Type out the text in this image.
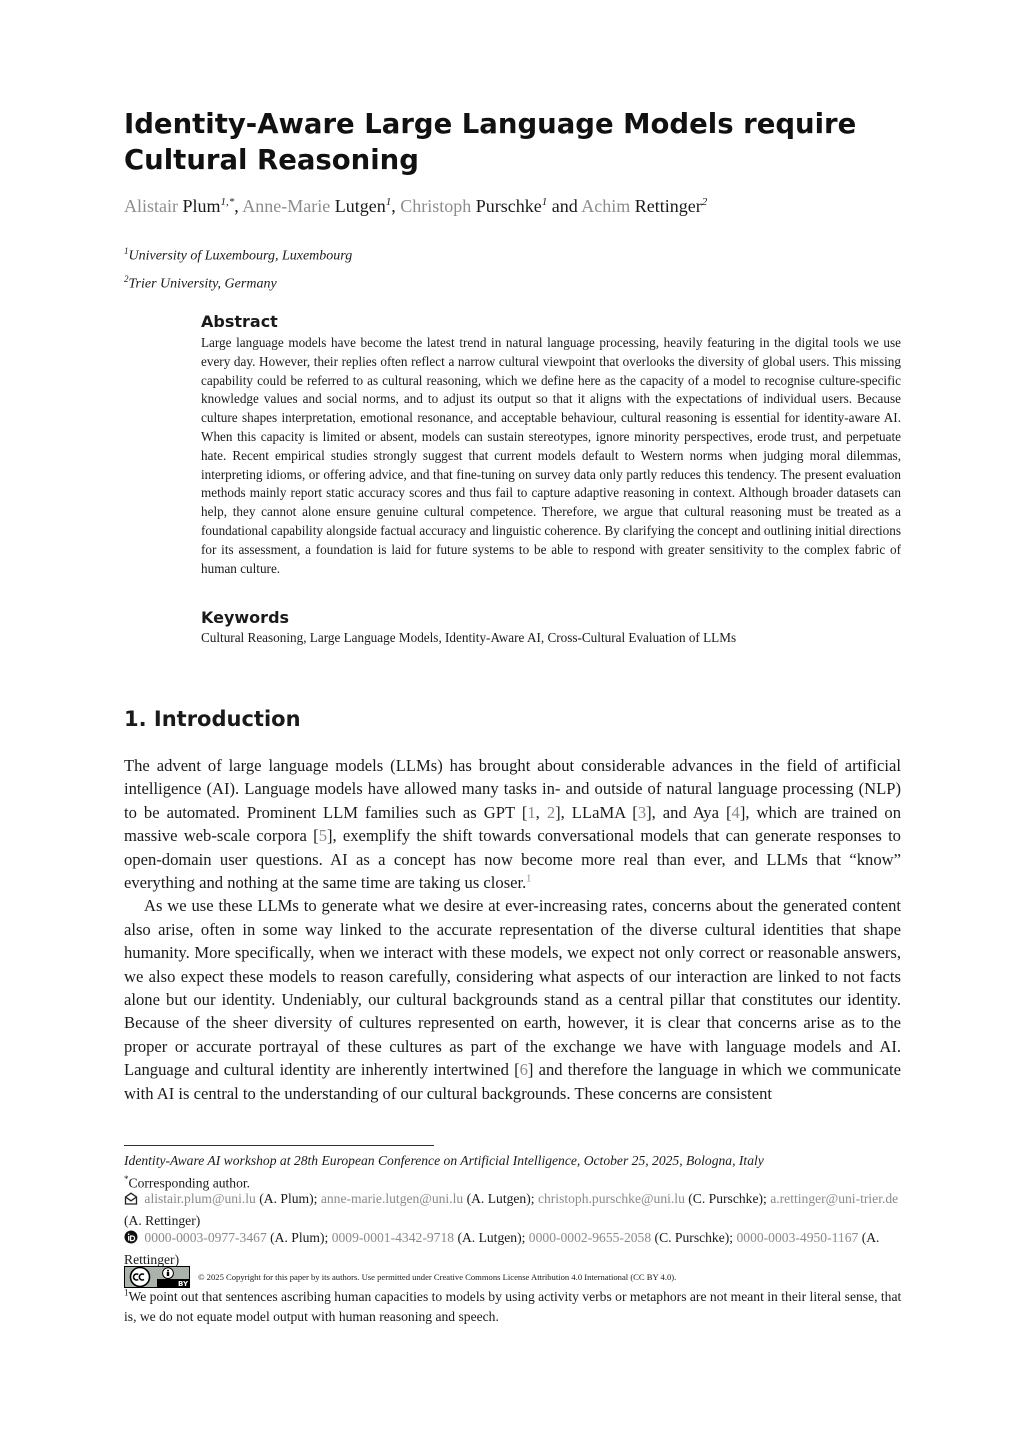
Identity-Aware Large Language Models require Cultural Reasoning
Alistair Plum$^{1,*}$, Anne-Marie Lutgen$^1$, Christoph Purschke$^1$ and Achim Rettinger$^2$
$^1$University of Luxembourg, Luxembourg
$^2$Trier University, Germany
Abstract
Large language models have become the latest trend in natural language processing, heavily featuring in the digital tools we use every day. However, their replies often reflect a narrow cultural viewpoint that overlooks the diversity of global users. This missing capability could be referred to as cultural reasoning, which we define here as the capacity of a model to recognise culture-specific knowledge values and social norms, and to adjust its output so that it aligns with the expectations of individual users. Because culture shapes interpretation, emotional resonance, and acceptable behaviour, cultural reasoning is essential for identity-aware AI. When this capacity is limited or absent, models can sustain stereotypes, ignore minority perspectives, erode trust, and perpetuate hate. Recent empirical studies strongly suggest that current models default to Western norms when judging moral dilemmas, interpreting idioms, or offering advice, and that fine-tuning on survey data only partly reduces this tendency. The present evaluation methods mainly report static accuracy scores and thus fail to capture adaptive reasoning in context. Although broader datasets can help, they cannot alone ensure genuine cultural competence. Therefore, we argue that cultural reasoning must be treated as a foundational capability alongside factual accuracy and linguistic coherence. By clarifying the concept and outlining initial directions for its assessment, a foundation is laid for future systems to be able to respond with greater sensitivity to the complex fabric of human culture.
Keywords
Cultural Reasoning, Large Language Models, Identity-Aware AI, Cross-Cultural Evaluation of LLMs
1. Introduction

The advent of large language models (LLMs) has brought about considerable advances in the field of artificial intelligence (AI). Language models have allowed many tasks in- and outside of natural language processing (NLP) to be automated. Prominent LLM families such as GPT [1, 2], LLaMA [3], and Aya [4], which are trained on massive web-scale corpora [5], exemplify the shift towards conversational models that can generate responses to open-domain user questions. AI as a concept has now become more real than ever, and LLMs that “know” everything and nothing at the same time are taking us closer.$^1$

As we use these LLMs to generate what we desire at ever-increasing rates, concerns about the generated content also arise, often in some way linked to the accurate representation of the diverse cultural identities that shape humanity. More specifically, when we interact with these models, we expect not only correct or reasonable answers, we also expect these models to reason carefully, considering what aspects of our interaction are linked to not facts alone but our identity. Undeniably, our cultural backgrounds stand as a central pillar that constitutes our identity. Because of the sheer diversity of cultures represented on earth, however, it is clear that concerns arise as to the proper or accurate portrayal of these cultures as part of the exchange we have with language models and AI. Language and cultural identity are inherently intertwined [6] and therefore the language in which we communicate with AI is central to the understanding of our cultural backgrounds. These concerns are consistent

Identity-Aware AI workshop at 28th European Conference on Artificial Intelligence, October 25, 2025, Bologna, Italy
*Corresponding author.
alistair.plum@uni.lu (A. Plum); anne-marie.lutgen@uni.lu (A. Lutgen); christoph.purschke@uni.lu (C. Purschke); a.rettinger@uni-trier.de (A. Rettinger)
0000-0003-0977-3467 (A. Plum); 0009-0001-4342-9718 (A. Lutgen); 0000-0002-9655-2058 (C. Purschke); 0000-0003-4950-1167 (A. Rettinger)
BY
© 2025 Copyright for this paper by its authors. Use permitted under Creative Commons License Attribution 4.0 International (CC BY 4.0).
$^1$We point out that sentences ascribing human capacities to models by using activity verbs or metaphors are not meant in their literal sense, that is, we do not equate model output with human reasoning and speech.
